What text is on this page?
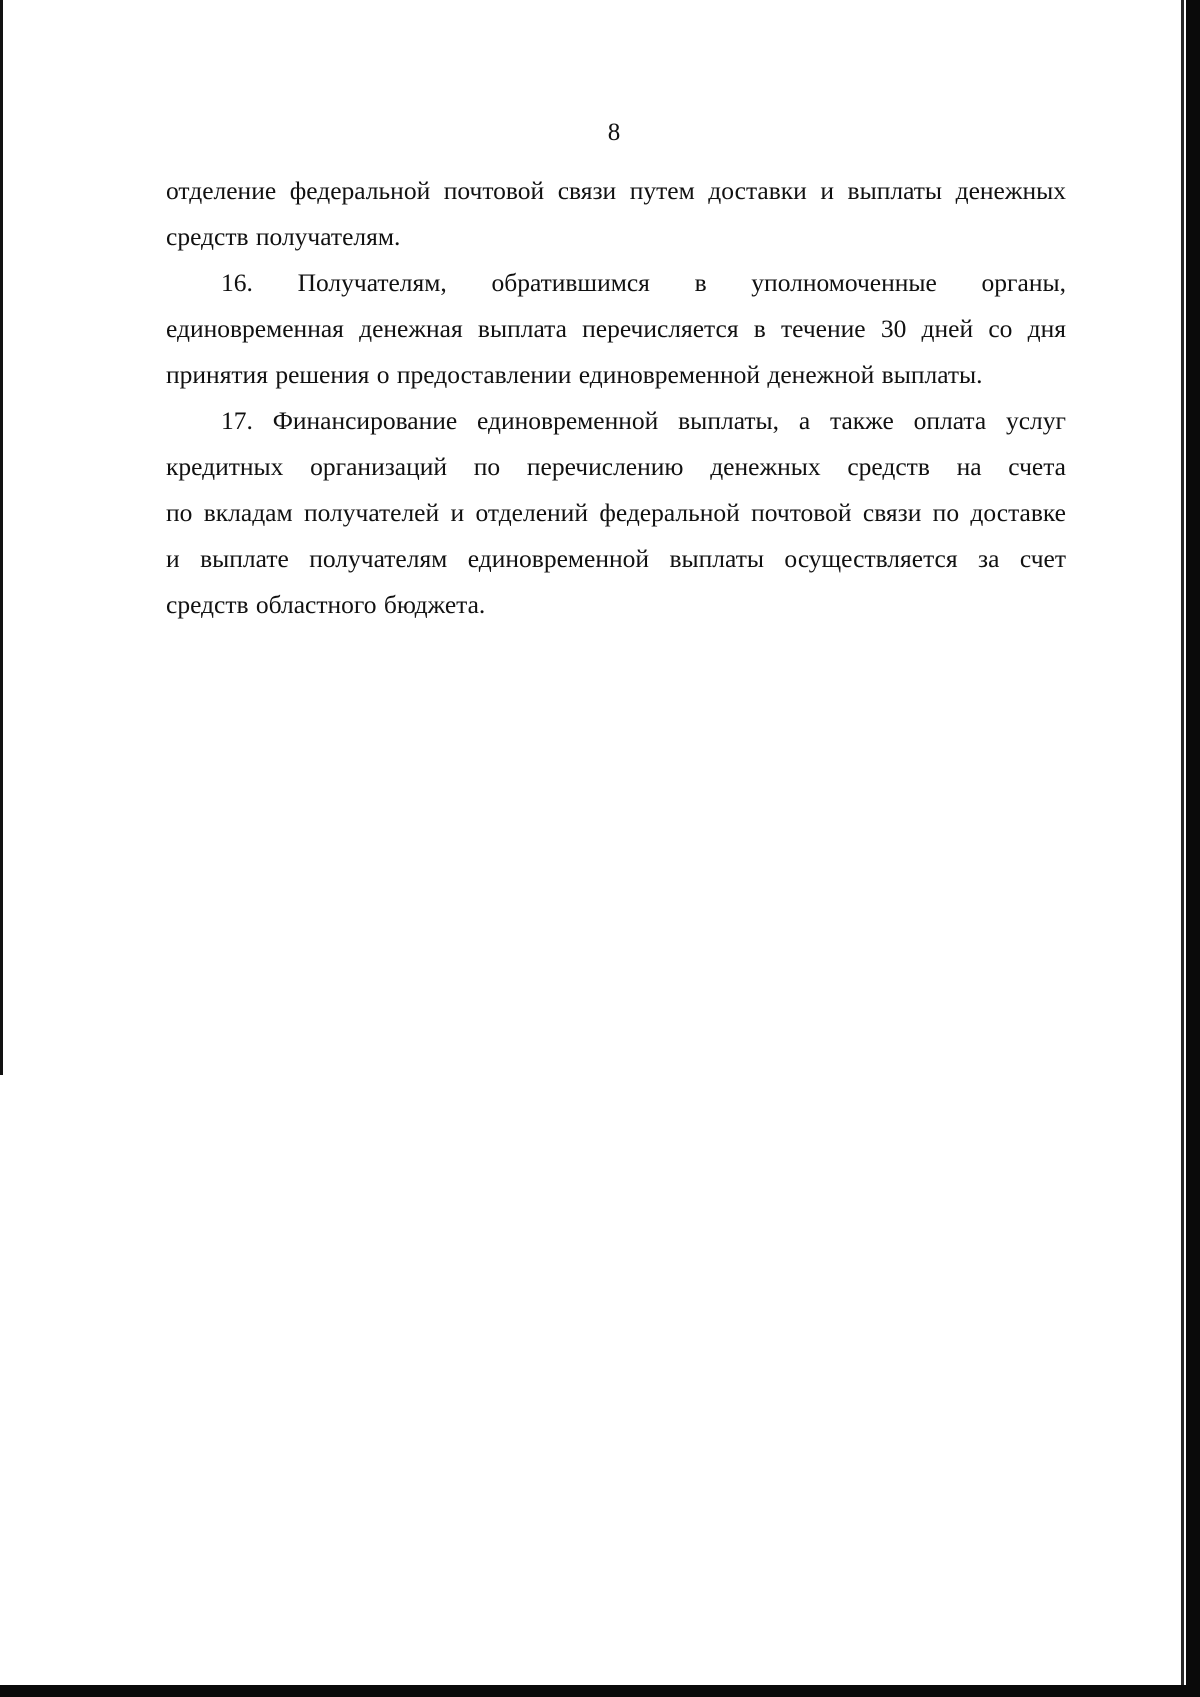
8
отделение федеральной почтовой связи путем доставки и выплаты денежных
средств получателям.
16. Получателям, обратившимся в уполномоченные органы,
единовременная денежная выплата перечисляется в течение 30 дней со дня
принятия решения о предоставлении единовременной денежной выплаты.
17. Финансирование единовременной выплаты, а также оплата услуг
кредитных организаций по перечислению денежных средств на счета
по вкладам получателей и отделений федеральной почтовой связи по доставке
и выплате получателям единовременной выплаты осуществляется за счет
средств областного бюджета.
